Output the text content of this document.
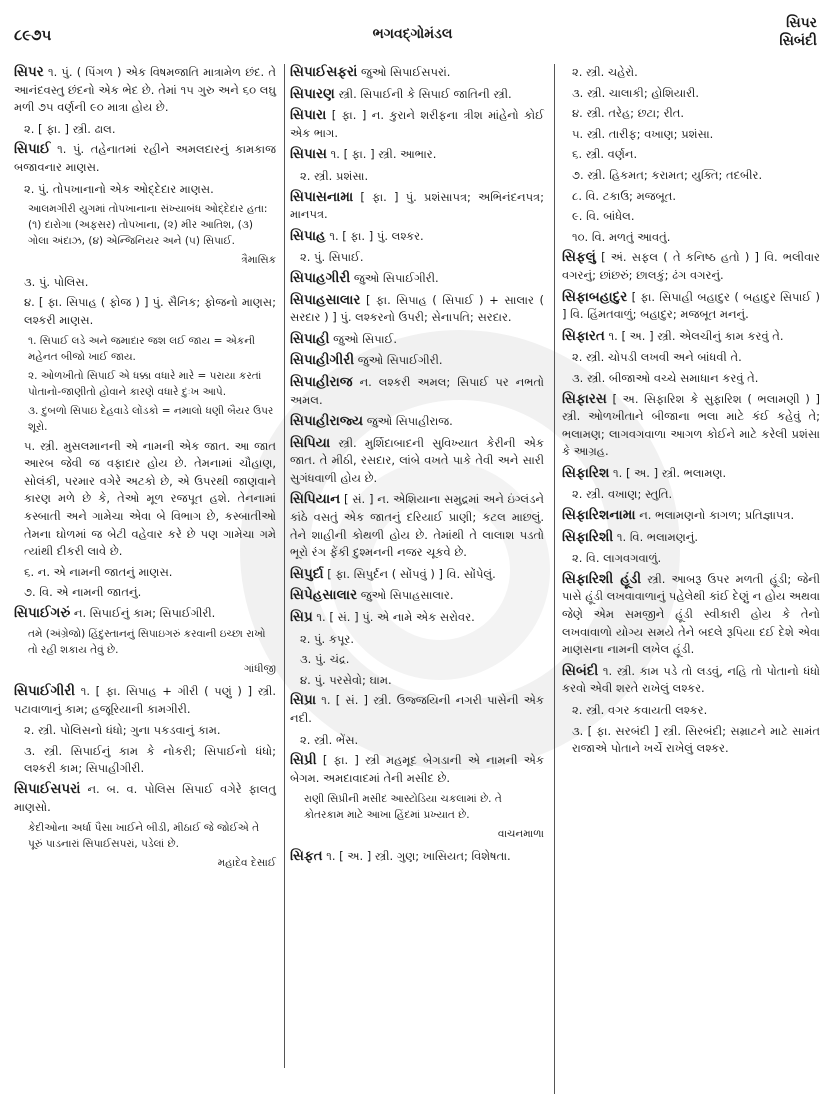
૮૯૭૫	ભગવદ્ગોમંડલ
સિપર
સિબંદી
સિપર ૧. પું. ( પિંગળ ) એક વિષમજાતિ માત્રામેળ છંદ. તે આનંદવસ્તુ છંદનો એક ભેદ છે. તેમાં ૧૫ ગુરુ અને ૬૦ લઘુ મળી ૭૫ વર્ણની ૯૦ માત્રા હોય છે.
૨. [ ફા. ] સ્ત્રી. ઢાલ.
સિપાઈ ૧. પું. તહેનાતમાં રહીને અમલદારનું કામકાજ બજાવનાર માણસ.
૨. પું. તોપખાનાનો એક ઓદ્દેદાર માણસ.
આલમગીરી યુગમાં તોપખાનાના સંખ્યાબંધ ઓદ્દેદાર હતા: (૧) દારોગા (અફસર) તોપખાના, (૨) મીર આતિશ, (૩) ગોલા અંદાઝ, (૪) એન્જિનિયર અને (૫) સિપાઈ.
ત્રૈમાસિક
૩. પું. પોલિસ.
૪. [ ફા. સિપાહ ( ફોજ ) ] પું. સૈનિક; ફોજનો માણસ; લશ્કરી માણસ.
૧. સિપાઈ લડે અને જમાદાર જશ લઈ જાય = એકની મહેનત બીજો ખાઈ જાય.
૨. ઓળખીતો સિપાઈ એ ધક્કા વધારે મારે = પરાયા કરતાં પોતાનો-જાણીતો હોવાને કારણે વધારે દુઃખ આપે.
૩. દુબળો સિપાઇ દેહવાડે લોંડકો = નમાલો ધણી બૈયર ઉપર શૂરો.
૫. સ્ત્રી. મુસલમાનની એ નામની એક જાત. આ જાત આરબ જેવી જ વફાદાર હોય છે. તેમનામાં ચૌહાણ, સોલંકી, પરમાર વગેરે અટકો છે, એ ઉપરથી જાણવાને કારણ મળે છે કે, તેઓ મૂળ રજપૂત હશે. તેનનામાં કસ્બાતી અને ગામેચા એવા બે વિભાગ છે, કસ્બાતીઓ તેમના ઘોળમાં જ બેટી વહેવાર કરે છે પણ ગામેચા ગમે ત્યાંથી દીકરી લાવે છે.
૬. ન. એ નામની જાતનું માણસ.
૭. વિ. એ નામની જાતનું.
સિપાઈગરું ન. સિપાઈનું કામ; સિપાઈગીરી.
તમે (અંગ્રેજો) હિંદુસ્તાનનું સિપાઇગરું કરવાની ઇચ્છા રાખો તો રહી શકાય તેવું છે.
ગાંધીજી
સિપાઈગીરી ૧. [ ફા. સિપાહ + ગીરી ( પણું ) ] સ્ત્રી. પટાવાળાનું કામ; હજૂરિયાની કામગીરી.
૨. સ્ત્રી. પોલિસનો ધંધો; ગુના પકડવાનું કામ.
૩. સ્ત્રી. સિપાઈનું કામ કે નોકરી; સિપાઈનો ધંધો; લશ્કરી કામ; સિપાહીગીરી.
સિપાઈસપરાં ન. બ. વ. પોલિસ સિપાઈ વગેરે ફાલતુ માણસો.
કેદીઓના અર્ધા પૈસા ખાઈને બીડી, મીઠાઈ જે જોઈએ તે પૂરું પાડનારાં સિપાઈસપરાં, પડેલાં છે.
મહાદેવ દેસાઈ
સિપાઈસફરાં જુઓ સિપાઈસપરાં.
સિપારણ સ્ત્રી. સિપાઈની કે સિપાઈ જાતિની સ્ત્રી.
સિપારા [ ફા. ] ન. કુરાને શરીફના ત્રીશ માંહેનો કોઈ એક ભાગ.
સિપાસ ૧. [ ફા. ] સ્ત્રી. આભાર.
૨. સ્ત્રી. પ્રશંસા.
સિપાસનામા [ ફા. ] પું. પ્રશંસાપત્ર; અભિનંદનપત્ર; માનપત્ર.
સિપાહ ૧. [ ફા. ] પું. લશ્કર.
૨. પું. સિપાઈ.
સિપાહગીરી જુઓ સિપાઈગીરી.
સિપાહસાલાર [ ફા. સિપાહ ( સિપાઈ ) + સાલાર ( સરદાર ) ] પું. લશ્કરનો ઉપરી; સેનાપતિ; સરદાર.
સિપાહી જુઓ સિપાઈ.
સિપાહીગીરી જુઓ સિપાઈગીરી.
સિપાહીરાજ ન. લશ્કરી અમલ; સિપાઈ પર નભતો અમલ.
સિપાહીરાજ્ય જુઓ સિપાહીરાજ.
સિપિયા સ્ત્રી. મુર્શિદાબાદની સુવિખ્યાત કેરીની એક જાત. તે મીઠી, રસદાર, લાંબે વખતે પાકે તેવી અને સારી સુગંધવાળી હોય છે.
સિપિયાન [ સં. ] ન. એશિયાના સમુદ્રમાં અને ઇંગ્લંડને કાંઠે વસતું એક જાતનું દરિયાઈ પ્રાણી; કટલ માછલું. તેને શાહીની કોથળી હોય છે. તેમાંથી તે લાલાશ પડતો ભૂરો રંગ ફેંકી દુશ્મનની નજર ચૂકવે છે.
સિપુર્દા [ ફા. સિપુર્દન ( સોંપવું ) ] વિ. સોંપેલું.
સિપેહસાલાર જુઓ સિપાહસાલાર.
સિપ્ર ૧. [ સં. ] પું. એ નામે એક સરોવર.
૨. પું. કપૂર.
૩. પું. ચંદ્ર.
૪. પું. પરસેવો; ઘામ.
સિપ્રા ૧. [ સં. ] સ્ત્રી. ઉજ્જયિની નગરી પાસેની એક નદી.
૨. સ્ત્રી. ભેંસ.
સિપ્રી [ ફા. ] સ્ત્રી મહમૂદ બેગડાની એ નામની એક બેગમ. અમદાવાદમાં તેની મસીદ છે.
રાણી સિપ્રીની મસીદ આસ્ટોડિયા ચકલામાં છે. તે કોતરકામ માટે આખા હિંદમાં પ્રખ્યાત છે.
વાચનમાળા
સિફત ૧. [ અ. ] સ્ત્રી. ગુણ; ખાસિયત; વિશેષતા.
૨. સ્ત્રી. ચહેરો.
૩. સ્ત્રી. ચાલાકી; હોશિયારી.
૪. સ્ત્રી. તરેહ; છટા; રીત.
૫. સ્ત્રી. તારીફ; વખાણ; પ્રશંસા.
૬. સ્ત્રી. વર્ણન.
૭. સ્ત્રી. હિકમત; કરામત; યુક્તિ; તદબીર.
૮. વિ. ટકાઉ; મજબૂત.
૯. વિ. બાંધેલ.
૧૦. વિ. મળતું આવતું.
સિફલું [ અં. સફલ ( તે કનિષ્ઠ હતો ) ] વિ. ભલીવાર વગરનું; છાંછરું; છાલકું; ઢંગ વગરનું.
સિફાબહાદુર [ ફા. સિપાહી બહાદુર ( બહાદુર સિપાઈ ) ] વિ. હિંમતવાળું; બહાદુર; મજબૂત મનનું.
સિફારત ૧. [ અ. ] સ્ત્રી. એલચીનું કામ કરવું તે.
૨. સ્ત્રી. ચોપડી લખવી અને બાંધવી તે.
૩. સ્ત્રી. બીજાઓ વચ્ચે સમાધાન કરવું તે.
સિફારસ [ અ. સિફારિશ કે સુફારિશ ( ભલામણી ) ] સ્ત્રી. ઓળખીતાને બીજાના ભલા માટે કંઈ કહેવું તે; ભલામણ; લાગવગવાળા આગળ કોઈને માટે કરેલી પ્રશંસા કે આગ્રહ.
સિફારિશ ૧. [ અ. ] સ્ત્રી. ભલામણ.
૨. સ્ત્રી. વખાણ; સ્તુતિ.
સિફારિશનામા ન. ભલામણનો કાગળ; પ્રતિજ્ઞાપત્ર.
સિફારિશી ૧. વિ. ભલામણનું.
૨. વિ. લાગવગવાળું.
સિફારિશી હૂંડી સ્ત્રી. આબરૂ ઉપર મળતી હૂંડી; જેની પાસે હૂંડી લખવાવાળાનું પહેલેથી કાંઈ દેણું ન હોય અથવા જેણે એમ સમજીને હૂંડી સ્વીકારી હોય કે તેનો લખવાવાળો યોગ્ય સમયે તેને બદલે રૂપિયા દઈ દેશે એવા માણસના નામની લખેલ હૂંડી.
સિબંદી ૧. સ્ત્રી. કામ પડે તો લડવું, નહિ તો પોતાનો ધંધો કરવો એવી શરતે રાખેલું લશ્કર.
૨. સ્ત્રી. વગર કવાયતી લશ્કર.
૩. [ ફા. સરબંદી ] સ્ત્રી. સિરબંદી; સમ્રાટને માટે સામંત રાજાએ પોતાને ખર્ચે રાખેલું લશ્કર.
